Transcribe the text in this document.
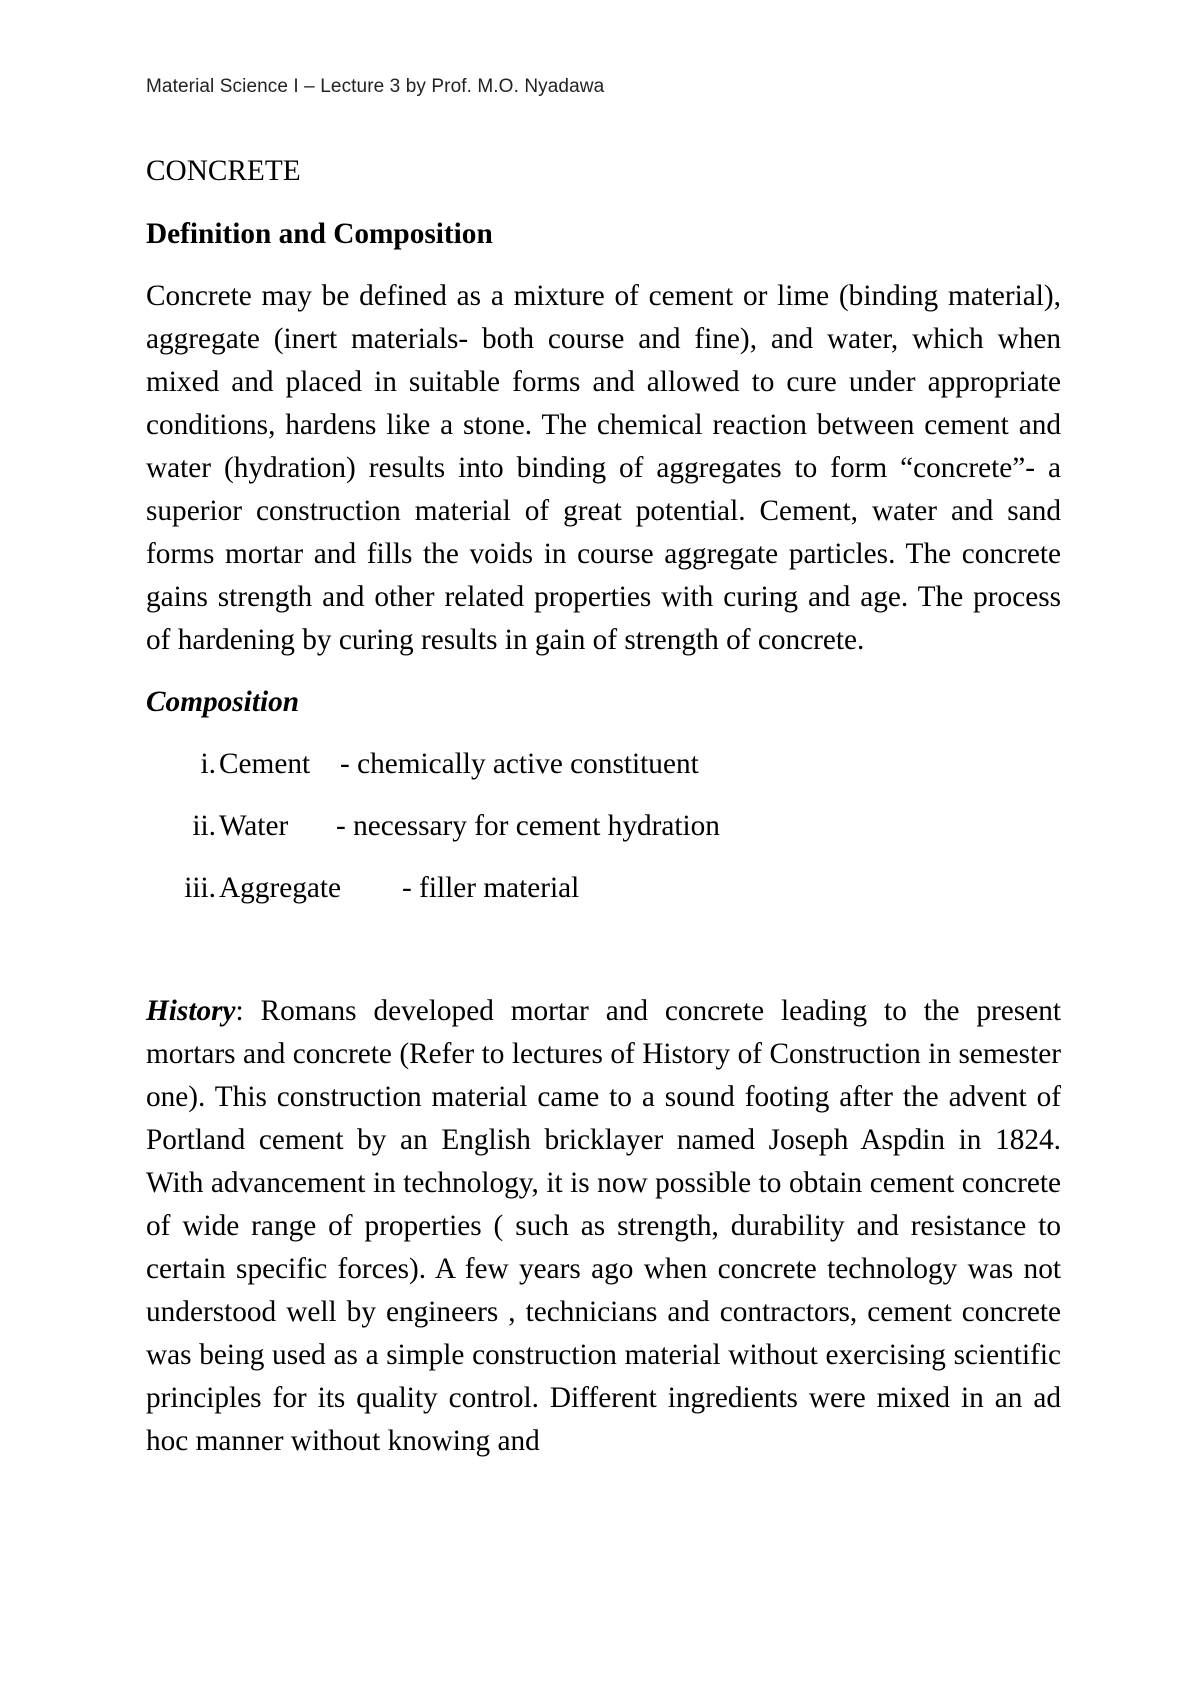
Material Science I – Lecture 3 by Prof. M.O. Nyadawa
CONCRETE
Definition and Composition

Concrete may be defined as a mixture of cement or lime (binding material), aggregate (inert materials- both course and fine), and water, which when mixed and placed in suitable forms and allowed to cure under appropriate conditions, hardens like a stone. The chemical reaction between cement and water (hydration) results into binding of aggregates to form “concrete”- a superior construction material of great potential. Cement, water and sand forms mortar and fills the voids in course aggregate particles. The concrete gains strength and other related properties with curing and age. The process of hardening by curing results in gain of strength of concrete.

Composition

i. Cement - chemically active constituent
ii. Water - necessary for cement hydration
iii. Aggregate - filler material

History: Romans developed mortar and concrete leading to the present mortars and concrete (Refer to lectures of History of Construction in semester one). This construction material came to a sound footing after the advent of Portland cement by an English bricklayer named Joseph Aspdin in 1824. With advancement in technology, it is now possible to obtain cement concrete of wide range of properties ( such as strength, durability and resistance to certain specific forces). A few years ago when concrete technology was not understood well by engineers , technicians and contractors, cement concrete was being used as a simple construction material without exercising scientific principles for its quality control. Different ingredients were mixed in an ad hoc manner without knowing and
